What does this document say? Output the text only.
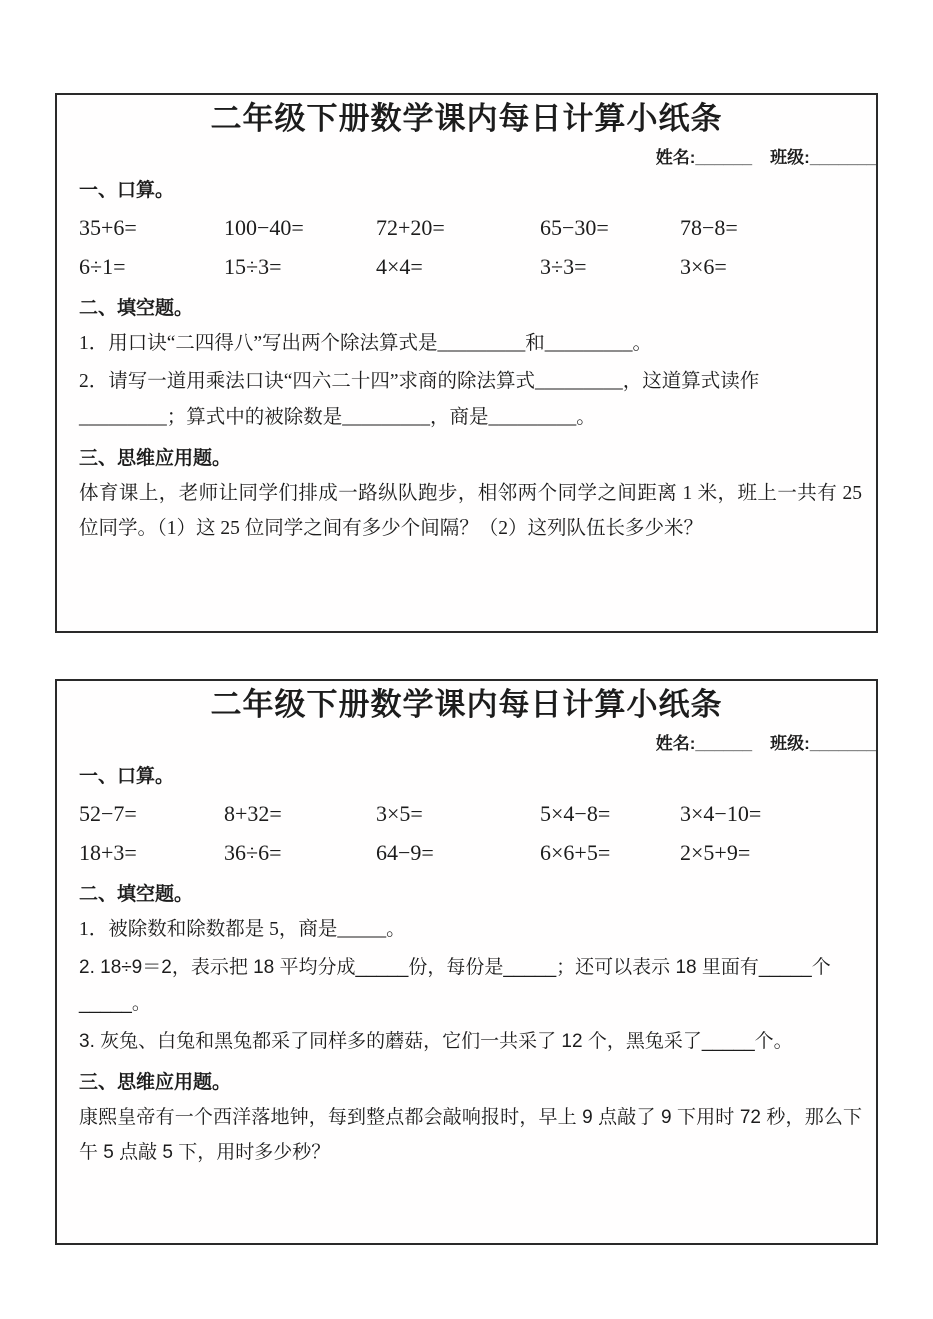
二年级下册数学课内每日计算小纸条
姓名:______ 班级:_______
一、口算。
35+6=	100−40=	72+20=	65−30=	78−8=
6÷1=	15÷3=	4×4=	3÷3=	3×6=
二、填空题。
1．用口诀“二四得八”写出两个除法算式是_________和_________。
2．请写一道用乘法口诀“四六二十四”求商的除法算式_________，这道算式读作_________；算式中的被除数是_________，商是_________。
三、思维应用题。
体育课上，老师让同学们排成一路纵队跑步，相邻两个同学之间距离 1 米，班上一共有 25 位同学。（1）这 25 位同学之间有多少个间隔？（2）这列队伍长多少米？
二年级下册数学课内每日计算小纸条
姓名:______ 班级:_______
一、口算。
52−7=	8+32=	3×5=	5×4−8=	3×4−10=
18+3=	36÷6=	64−9=	6×6+5=	2×5+9=
二、填空题。
1．被除数和除数都是 5，商是_____。
2. 18÷9＝2，表示把 18 平均分成_____份，每份是_____；还可以表示 18 里面有_____个_____。
3. 灰兔、白兔和黑兔都采了同样多的蘑菇，它们一共采了 12 个，黑兔采了_____个。
三、思维应用题。
康熙皇帝有一个西洋落地钟，每到整点都会敲响报时，早上 9 点敲了 9 下用时 72 秒，那么下午 5 点敲 5 下，用时多少秒？
